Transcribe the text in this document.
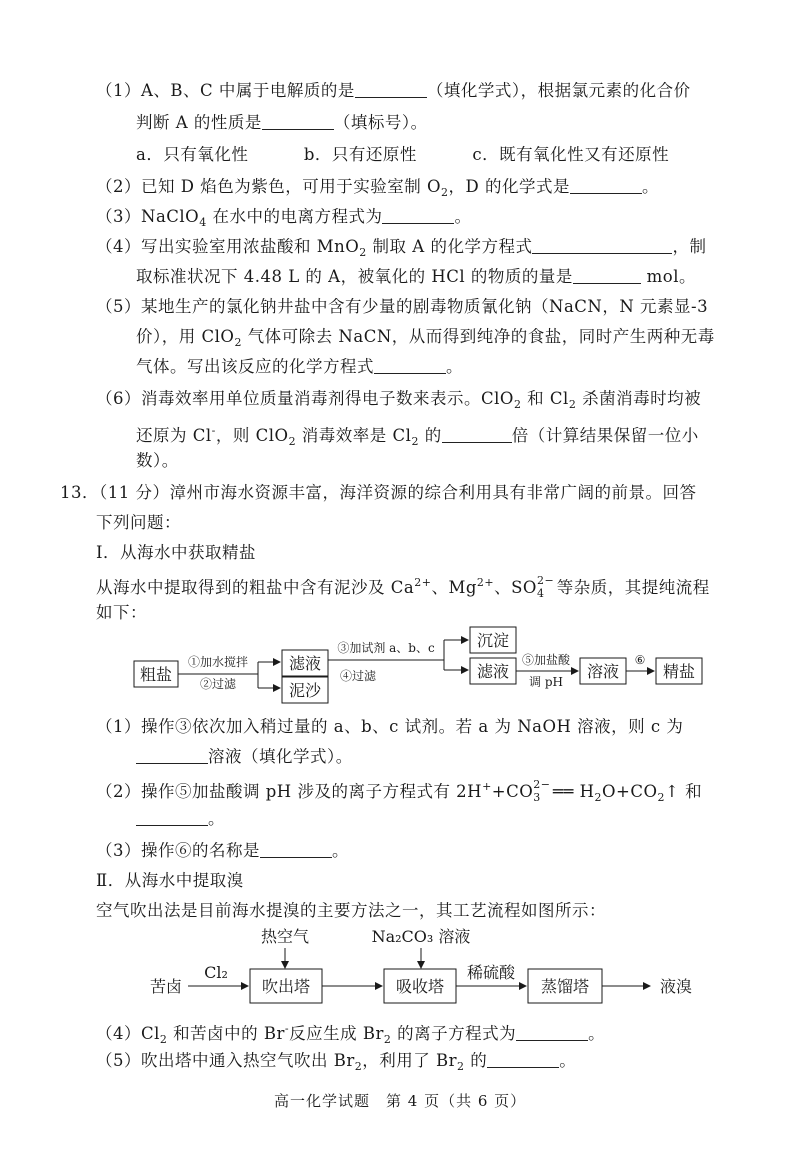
（1）A、B、C 中属于电解质的是	（填化学式），根据氯元素的化合价
判断 A 的性质是	（填标号）。
a．只有氧化性	b．只有还原性	c．既有氧化性又有还原性
（2）已知 D 焰色为紫色，可用于实验室制 $O_2$，D 的化学式是	。
（3）NaClO$_4$ 在水中的电离方程式为	。
（4）写出实验室用浓盐酸和 MnO$_2$ 制取 A 的化学方程式	，制
取标准状况下 4.48 L 的 A，被氧化的 HCl 的物质的量是	mol。
（5）某地生产的氯化钠井盐中含有少量的剧毒物质氰化钠（NaCN，N 元素显-3
价），用 ClO$_2$ 气体可除去 NaCN，从而得到纯净的食盐，同时产生两种无毒
气体。写出该反应的化学方程式	。
（6）消毒效率用单位质量消毒剂得电子数来表示。ClO$_2$ 和 $Cl_2$ 杀菌消毒时均被
还原为 Cl-，则 ClO$_2$ 消毒效率是 $Cl_2$ 的	倍（计算结果保留一位小
数）。
13．（11 分）漳州市海水资源丰富，海洋资源的综合利用具有非常广阔的前景。回答
下列问题：
Ⅰ．从海水中获取精盐
从海水中提取得到的粗盐中含有泥沙及 $Ca^{2+}$、$Mg^{2+}$、SO 2−
4 等杂质，其提纯流程
如下：
粗盐
①加水搅拌
②过滤
滤液
泥沙
③加试剂 a、b、c
④过滤
沉淀
滤液
⑤加盐酸
调 pH
溶液
⑥
精盐
（1）操作③依次加入稍过量的 a、b、c 试剂。若 a 为 NaOH 溶液，则 c 为
溶液（填化学式）。
（2）操作⑤加盐酸调 pH 涉及的离子方程式有 2H++CO 2−
3 ══ $H_2O+CO_2↑$ 和
。
（3）操作⑥的名称是	。
Ⅱ．从海水中提取溴
空气吹出法是目前海水提溴的主要方法之一，其工艺流程如图所示：
热空气	Na₂CO₃ 溶液
苦卤
Cl₂
吹出塔	吸收塔
稀硫酸
蒸馏塔	液溴
$(4)Cl_2$ 和苦卤中的 Br-反应生成 $Br_2$ 的离子方程式为	。
（5）吹出塔中通入热空气吹出 $Br_2$，利用了 $Br_2$ 的	。
高一化学试题　第 4 页（共 6 页）
